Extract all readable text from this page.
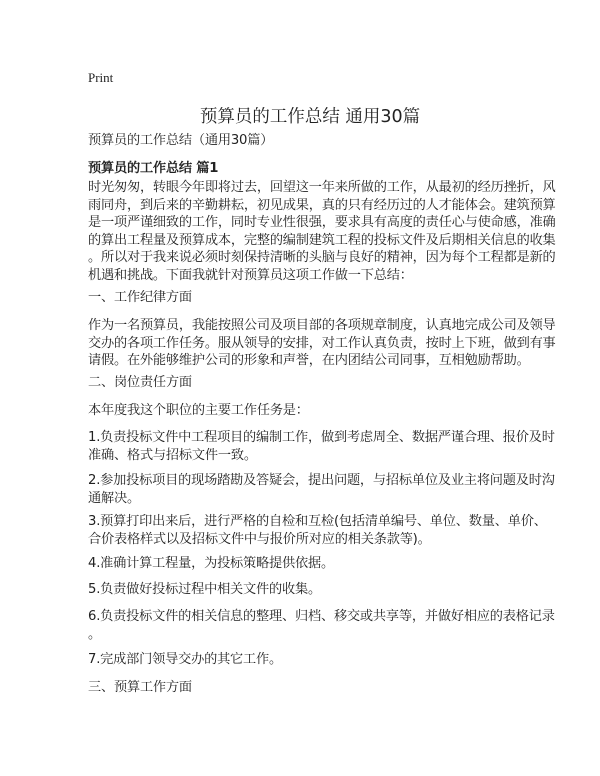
Print
预算员的工作总结 通用30篇
预算员的工作总结（通用30篇）
预算员的工作总结 篇1
时光匆匆，转眼今年即将过去，回望这一年来所做的工作，从最初的经历挫折，风
雨同舟，到后来的辛勤耕耘，初见成果，真的只有经历过的人才能体会。建筑预算
是一项严谨细致的工作，同时专业性很强，要求具有高度的责任心与使命感，准确
的算出工程量及预算成本，完整的编制建筑工程的投标文件及后期相关信息的收集
。所以对于我来说必须时刻保持清晰的头脑与良好的精神，因为每个工程都是新的
机遇和挑战。下面我就针对预算员这项工作做一下总结：
一、工作纪律方面
作为一名预算员，我能按照公司及项目部的各项规章制度，认真地完成公司及领导
交办的各项工作任务。服从领导的安排，对工作认真负责，按时上下班，做到有事
请假。在外能够维护公司的形象和声誉，在内团结公司同事，互相勉励帮助。
二、岗位责任方面
本年度我这个职位的主要工作任务是：
1.负责投标文件中工程项目的编制工作，做到考虑周全、数据严谨合理、报价及时
准确、格式与招标文件一致。
2.参加投标项目的现场踏勘及答疑会，提出问题，与招标单位及业主将问题及时沟
通解决。
3.预算打印出来后，进行严格的自检和互检(包括清单编号、单位、数量、单价、
合价表格样式以及招标文件中与报价所对应的相关条款等)。
4.准确计算工程量，为投标策略提供依据。
5.负责做好投标过程中相关文件的收集。
6.负责投标文件的相关信息的整理、归档、移交或共享等，并做好相应的表格记录
。
7.完成部门领导交办的其它工作。
三、预算工作方面
